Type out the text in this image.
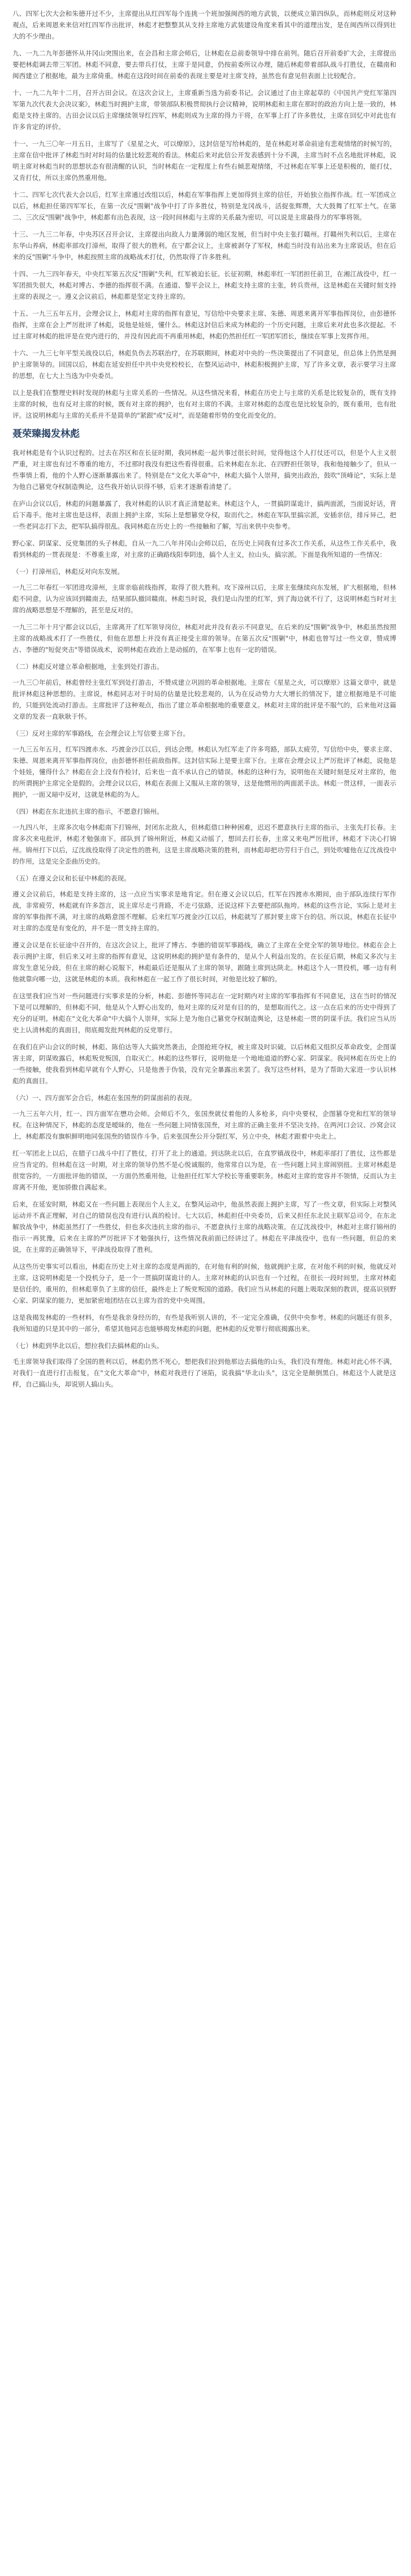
八、四军七次大会和朱德开过不少，主席提出从红四军每个连挑一个班加强闽西的地方武装，以便成立第四纵队，而林彪则反对这种观点，后来周恩来来信对红四军作出批评，林彪才把整整其从支持主席地方武装建设角度来看其中的道理出发，是在闽西所以得到壮大的不少理由。

九、一九二九年彭德怀从井冈山突围出来，在会昌和主席会师后，让林彪在总前委领导中排在前列。随后召开前委扩大会，主席提出要把林彪调去带三军团。林彪不同意，要去带兵打仗，主席于是同意，仍按前委所议办理，随后林彪带着部队战斗打胜仗，在赣南和闽西建立了根据地，最为主席倚重。林彪在这段时间在前委的表现主要是对主席支持，虽然也有意见但表面上比较配合。

十、一九二九年十二月，召开古田会议。在这次会议上，主席重新当选为前委书记。会议通过了由主席起草的《中国共产党红军第四军第九次代表大会决议案》，林彪当时拥护主席，带领部队积极贯彻执行会议精神，说明林彪和主席在那时的政治方向上是一致的，林彪是支持主席的。古田会议以后主席继续领导红四军，林彪则成为主席的得力干将，在军事上打了许多胜仗，主席在回忆中对此也有许多肯定的评价。

十一、一九三〇年一月五日，主席写了《星星之火，可以燎原》，这封信是写给林彪的，是在林彪对革命前途有悲观情绪的时候写的，主席在信中批评了林彪当时对时局的估量比较悲观的看法。林彪后来对此信公开发表感到十分不满，主席当时不点名地批评林彪，说明主席对林彪当时的思想状态有很清醒的认识，当时林彪在一定程度上有些右倾悲观情绪，不过林彪在军事上还是积极的，能打仗，又肯打仗，所以主席仍然重用他。

十二、四军七次代表大会以后，红军主席通过改组以后，林彪在军事指挥上更加得到主席的信任，开始独立指挥作战。红一军团成立以后，林彪担任第四军军长，在第一次反"围剿"战争中打了许多胜仗，特别是龙冈战斗，活捉张辉瓒，大大鼓舞了红军士气。在第二、三次反"围剿"战争中，林彪都有出色表现，这一段时间林彪与主席的关系最为密切，可以说是主席最得力的军事将领。

十三、一九三二年春，中央苏区召开会议，主席提出向敌人力量薄弱的地区发展，但当时中央主张打赣州。打赣州失利以后，主席在东华山养病，林彪率部攻打漳州，取得了很大的胜利。在宁都会议上，主席被剥夺了军权，林彪当时没有站出来为主席说话，但在后来的反"围剿"斗争中，林彪按照主席的战略战术打仗，仍然取得了许多胜利。

十四、一九三四年春天，中央红军第五次反"围剿"失利，红军被迫长征。长征初期，林彪率红一军团担任前卫，在湘江战役中，红一军团损失很大，林彪对博古、李德的指挥很不满。在通道、黎平会议上，林彪支持主席的主张，转兵贵州，这是林彪在关键时刻支持主席的表现之一。遵义会议前后，林彪都是坚定支持主席的。

十五、一九三五年五月，会理会议上，林彪对主席的指挥有意见，写信给中央要求主席、朱德、周恩来离开军事指挥岗位，由彭德怀指挥，主席在会上严厉批评了林彪，说他是娃娃，懂什么。林彪这封信后来成为林彪的一个历史问题，主席后来对此也多次提起。不过主席对林彪的批评是在党内进行的，并没有因此而不再重用林彪，林彪仍然担任红一军团军团长，继续在军事上发挥作用。

十六、一九三七年平型关战役以后，林彪负伤去苏联治疗，在苏联期间，林彪对中央的一些决策提出了不同意见，但总体上仍然是拥护主席领导的。回国以后，林彪在延安担任中共中央党校校长，在整风运动中，林彪积极拥护主席，写了许多文章，表示要学习主席的思想，在七大上当选为中央委员。

以上是我们在整理史料时发现的林彪与主席关系的一些情况。从这些情况来看，林彪在历史上与主席的关系是比较复杂的，既有支持主席的时候，也有反对主席的时候，既有对主席的拥护，也有对主席的不满。主席对林彪的态度也是比较复杂的，既有重用，也有批评。这说明林彪与主席的关系并不是简单的"紧跟"或"反对"，而是随着形势的变化而变化的。

聂荣臻揭发林彪

我对林彪是有个认识过程的。过去在苏区和在长征时期，我同林彪一起共事过很长时间，觉得他这个人打仗还可以，但是个人主义很严重，对主席也有过不尊重的地方，不过那时我没有把这些看得很重。后来林彪在东北、在四野担任领导，我和他接触少了，但从一些事情上看，他的个人野心逐渐暴露出来了。特别是在"文化大革命"中，林彪大搞个人崇拜，搞突出政治，鼓吹"顶峰论"，实际上是为他自己篡党夺权制造舆论，这些我开始认识得不够，后来才逐渐看清楚了。

在庐山会议以后，林彪的问题暴露了，我对林彪的认识才真正清楚起来。林彪这个人，一贯搞阴谋诡计，搞两面派，当面说好话，背后下毒手。他对主席也是这样，表面上拥护主席，实际上是想篡党夺权，取而代之。林彪在军队里搞宗派，安插亲信，排斥异己，把一些老同志打下去，把军队搞得很乱。我同林彪在历史上的一些接触和了解，写出来供中央参考。

野心家、阴谋家、反党集团的头子林彪，自从一九二八年井冈山会师以后，在历史上同我有过多次工作关系，从这些工作关系中，我看到林彪的一贯表现是：不尊重主席，对主席的正确路线阳奉阴违，搞个人主义，拉山头，搞宗派。下面是我所知道的一些情况：

（一）打漳州后，林彪反对向东发展。

一九三二年春红一军团进攻漳州，主席亲临前线指挥，取得了很大胜利。攻下漳州以后，主席主张继续向东发展，扩大根据地，但林彪不同意，认为应该回到赣南去，结果部队撤回赣南。林彪当时说，我们是山沟里的红军，到了海边就不行了，这说明林彪当时对主席的战略思想是不理解的，甚至是反对的。

一九三二年十月宁都会议以后，主席离开了红军领导岗位，林彪对此并没有表示不同意见，在后来的反"围剿"战争中，林彪虽然按照主席的战略战术打了一些胜仗，但他在思想上并没有真正接受主席的领导。在第五次反"围剿"中，林彪也曾写过一些文章，赞成博古、李德的"短促突击"等错误战术，说明林彪在政治上是动摇的，在军事上也有一定的错误。

（二）林彪反对建立革命根据地，主张到处打游击。

一九三〇年前后，林彪曾经主张红军到处打游击，不赞成建立巩固的革命根据地。主席在《星星之火，可以燎原》这篇文章中，就是批评林彪这种思想的。主席说，林彪同志对于时局的估量是比较悲观的，认为在反动势力大大增长的情况下，建立根据地是不可能的，只能到处流动打游击。主席批评了这种观点，指出了建立革命根据地的重要意义。林彪对主席的批评是不服气的，后来他对这篇文章的发表一直耿耿于怀。

（三）反对主席的军事路线，在会理会议上写信要主席下台。

一九三五年五月，红军四渡赤水、巧渡金沙江以后，到达会理。林彪认为红军走了许多弯路，部队太疲劳，写信给中央，要求主席、朱德、周恩来离开军事指挥岗位，由彭德怀担任前敌指挥。这封信实际上是要主席下台。主席在会理会议上严厉批评了林彪，说他是个娃娃，懂得什么？林彪在会上没有作检讨，后来也一直不承认自己的错误。林彪的这种行为，说明他在关键时刻是反对主席的，他的所谓拥护主席完全是假的。会理会议以后，林彪在表面上又服从主席的领导，这是他惯用的两面派手法。林彪一贯这样，一面表示拥护，一面又暗中反对，这就是林彪的为人。

（四）林彪在东北违抗主席的指示，不愿意打锦州。

一九四八年，主席多次电令林彪南下打锦州，封闭东北敌人，但林彪借口种种困难，迟迟不愿意执行主席的指示，主张先打长春。主席多次来电批评，林彪才勉强南下。部队到了锦州附近，林彪又动摇了，想回去打长春，主席又来电严厉批评，林彪才下决心打锦州。锦州打下以后，辽沈战役取得了决定性的胜利，这是主席战略决策的胜利，而林彪却把功劳归于自己，到处吹嘘他在辽沈战役中的作用，这是完全歪曲历史的。

（五）在遵义会议和长征中林彪的表现。

遵义会议前后，林彪是支持主席的，这一点应当实事求是地肯定。但在遵义会议以后，红军在四渡赤水期间，由于部队连续行军作战，非常疲劳，林彪就有许多怨言，说主席尽走弓背路，不走弓弦路，还说这样下去要把部队拖垮。林彪的这些言论，实际上是对主席的军事指挥不满，对主席的战略意图不理解。后来红军巧渡金沙江以后，林彪就写了那封要主席下台的信。所以说，林彪在长征中对主席的态度是有变化的，并不是一贯支持主席的。

遵义会议是在长征途中召开的，在这次会议上，批评了博古、李德的错误军事路线，确立了主席在全党全军的领导地位。林彪在会上表示拥护主席，但后来又对主席的指挥有意见，这说明林彪的拥护是有条件的，是从个人利益出发的。在长征后期，林彪又多次与主席发生意见分歧，但在主席的耐心说服下，林彪最后还是服从了主席的领导，跟随主席到达陕北。林彪这个人一贯投机，哪一边有利他就靠向哪一边，这就是林彪的本质。我和林彪在一起工作了很长时间，对他是比较了解的。

在这里我们应当对一些问题进行实事求是的分析，林彪、彭德怀等同志在一定时期内对主席的军事指挥有不同意见，这在当时的情况下是可以理解的，但林彪不同，他是从个人野心出发的，他对主席的反对是有目的的，是想取而代之。这一点在后来的历史中得到了充分的证明。林彪在"文化大革命"中大搞个人崇拜，实际上是为他自己篡党夺权制造舆论，这是林彪一贯的阴谋手法。我们应当从历史上认清林彪的真面目，彻底揭发批判林彪的反党罪行。

在我们在庐山会议的时候，林彪、陈伯达等人大搞突然袭击，企图抢班夺权，被主席及时识破。以后林彪又组织反革命政变，企图谋害主席，阴谋败露后，林彪叛党叛国，自取灭亡。林彪的这些罪行，说明他是一个地地道道的野心家、阴谋家。我同林彪在历史上的一些接触，使我看到林彪早就有个人野心，只是他善于伪装，没有完全暴露出来罢了。我写这些材料，是为了帮助大家进一步认识林彪的真面目。

（六）一、四方面军会合后，林彪在张国焘的阴谋面前的表现。

一九三五年六月，红一、四方面军在懋功会师。会师后不久，张国焘就仗着他的人多枪多，向中央要权，企图篡夺党和红军的领导权。在这种情况下，林彪的态度是暧昧的，他在一些问题上同情张国焘，对主席的正确主张并不坚决支持。在两河口会议、沙窝会议上，林彪都没有旗帜鲜明地同张国焘的错误作斗争。后来张国焘公开分裂红军，另立中央，林彪才跟着中央北上。

红一军团北上以后，在腊子口战斗中打了胜仗，打开了北上的通道。到达陕北以后，在直罗镇战役中，林彪率部打了胜仗，这些都是应当肯定的。但林彪在这一时期，对主席的领导仍然不是心悦诚服的，他常常自以为是，在一些问题上同主席闹别扭。主席对林彪是很宽容的，一方面批评他的错误，一方面仍然重用他，让他担任红军大学校长等重要职务。林彪对主席的宽容并不领情，反而认为主席离不开他，更加骄傲自满起来。

后来，在延安时期，林彪又在一些问题上表现出个人主义，在整风运动中，他虽然表面上拥护主席，写了一些文章，但实际上对整风运动并不真正理解，对自己的错误也没有进行认真的检讨。七大以后，林彪担任中央委员，后来又担任东北民主联军总司令，在东北解放战争中，林彪虽然打了一些胜仗，但也多次违抗主席的指示，不愿意执行主席的战略决策。在辽沈战役中，林彪对主席打锦州的指示一再犹豫，后来在主席的严厉批评下才勉强执行，这些情况我前面已经讲过了。林彪在平津战役中，也有一些问题，但总的来说，在主席的正确领导下，平津战役取得了胜利。

从这些历史事实可以看出，林彪在历史上对主席的态度是两面的，在对他有利的时候，他就拥护主席，在对他不利的时候，他就反对主席。这说明林彪是一个投机分子，是一个一贯搞阴谋诡计的人。主席对林彪的认识也有一个过程，在很长一段时间里，主席对林彪是信任的，重用的，但林彪辜负了主席的信任，最终走上了叛党叛国的道路。我们应当从林彪的问题上吸取深刻的教训，提高识别野心家、阴谋家的能力，更加紧密地团结在以主席为首的党中央周围。

这是我揭发林彪的一些材料，有些是我亲身经历的，有些是我听别人讲的，不一定完全准确，仅供中央参考。林彪的问题还有很多，我所知道的只是其中的一部分，希望其他同志也能够揭发林彪的问题，把林彪的反党罪行彻底揭露出来。

（七）林彪到华北以后，想拉我们去搞林彪的山头。

毛主席领导我们取得了全国的胜利以后，林彪仍然不死心，想把我们拉到他那边去搞他的山头，我们没有理他。林彪对此心怀不满，对我们一直进行打击报复。在"文化大革命"中，林彪对我进行了诬陷，说我搞"华北山头"，这完全是颠倒黑白。林彪这个人就是这样，自己搞山头，却说别人搞山头。
